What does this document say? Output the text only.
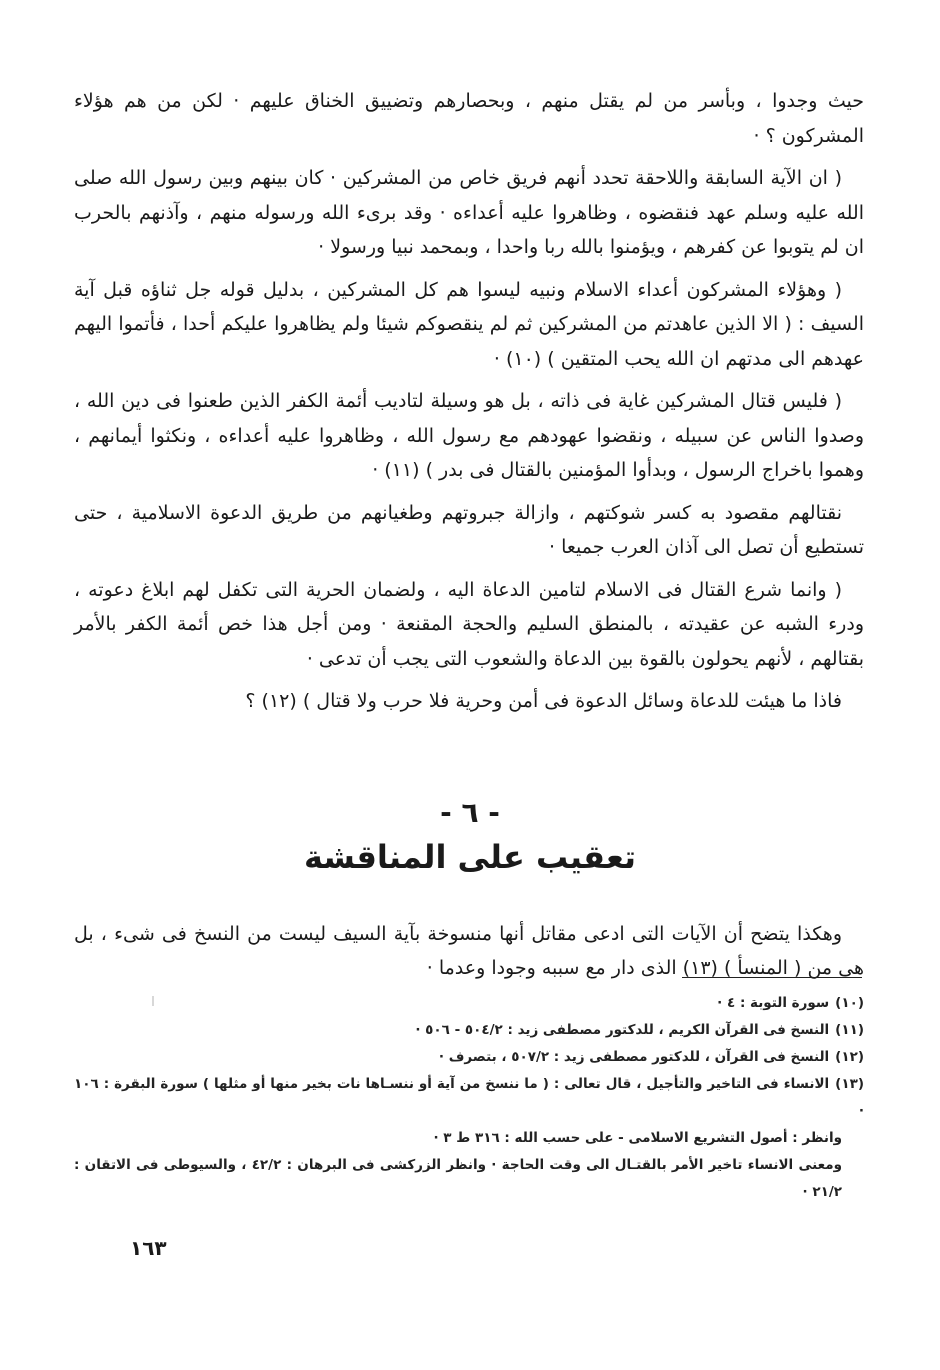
حيث وجدوا ، وبأسر من لم يقتل منهم ، وبحصارهم وتضييق الخناق عليهم · لكن من هم هؤلاء المشركون ؟ ·

( ان الآية السابقة واللاحقة تحدد أنهم فريق خاص من المشركين · كان بينهم وبين رسول الله صلى الله عليه وسلم عهد فنقضوه ، وظاهروا عليه أعداءه · وقد برىء الله ورسوله منهم ، وآذنهم بالحرب ان لم يتوبوا عن كفرهم ، ويؤمنوا بالله ربا واحدا ، وبمحمد نبيا ورسولا ·

( وهؤلاء المشركون أعداء الاسلام ونبيه ليسوا هم كل المشركين ، بدليل قوله جل ثناؤه قبل آية السيف : ( الا الذين عاهدتم من المشركين ثم لم ينقصوكم شيئا ولم يظاهروا عليكم أحدا ، فأتموا اليهم عهدهم الى مدتهم ان الله يحب المتقين ) (١٠) ·

( فليس قتال المشركين غاية فى ذاته ، بل هو وسيلة لتاديب أئمة الكفر الذين طعنوا فى دين الله ، وصدوا الناس عن سبيله ، ونقضوا عهودهم مع رسول الله ، وظاهروا عليه أعداءه ، ونكثوا أيمانهم ، وهموا باخراج الرسول ، وبدأوا المؤمنين بالقتال فى بدر ) (١١) ·

نقتالهم مقصود به كسر شوكتهم ، وازالة جبروتهم وطغيانهم من طريق الدعوة الاسلامية ، حتى تستطيع أن تصل الى آذان العرب جميعا ·

( وانما شرع القتال فى الاسلام لتامين الدعاة اليه ، ولضمان الحرية التى تكفل لهم ابلاغ دعوته ، ودرء الشبه عن عقيدته ، بالمنطق السليم والحجة المقنعة · ومن أجل هذا خص أئمة الكفر بالأمر بقتالهم ، لأنهم يحولون بالقوة بين الدعاة والشعوب التى يجب أن تدعى ·

فاذا ما هيئت للدعاة وسائل الدعوة فى أمن وحرية فلا حرب ولا قتال ) (١٢) ؟

- ٦ -
تعقيب على المناقشة

وهكذا يتضح أن الآيات التى ادعى مقاتل أنها منسوخة بآية السيف ليست من النسخ فى شىء ، بل هى من ( المنسأ ) (١٣) الذى دار مع سببه وجودا وعدما ·

(١٠)سورة التوبة : ٤ ·

(١١)النسخ فى القرآن الكريم ، للدكتور مصطفى زيد : ٥٠٤/٢ - ٥٠٦ ·

(١٢)النسخ فى القرآن ، للدكتور مصطفى زيد : ٥٠٧/٢ ، بتصرف ·

(١٣)الانساء فى التاخير والتأجيل ، قال تعالى : ( ما ننسخ من آية أو ننسـاها نات بخير منها أو مثلها ) سورة البقرة : ١٠٦ ·

وانظر : أصول التشريع الاسلامى - على حسب الله : ٣١٦ ط ٣ ·

ومعنى الانساء تاخير الأمر بالقتـال الى وقت الحاجة · وانظر الزركشى فى البرهان : ٤٢/٢ ، والسيوطى فى الاتقان : ٢١/٢ ·

١٦٣
